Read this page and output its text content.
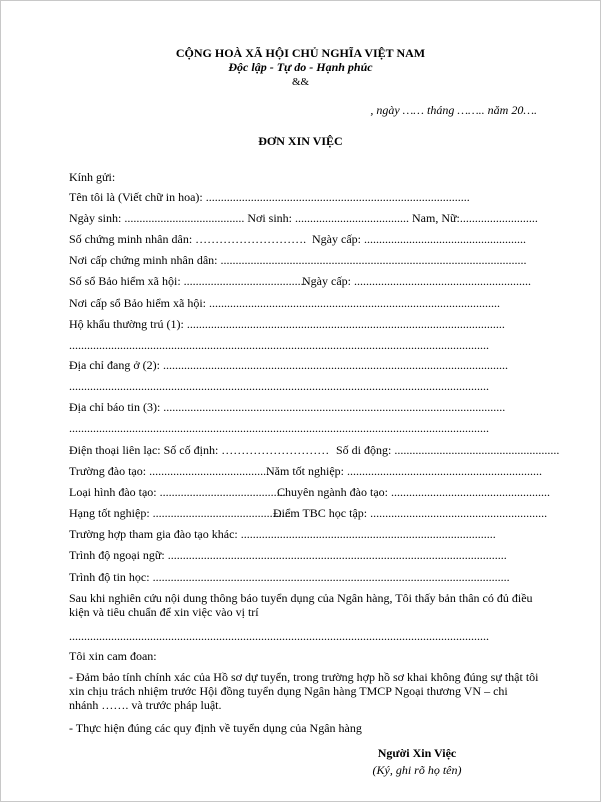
CỘNG HOÀ XÃ HỘI CHỦ NGHĨA VIỆT NAM
Độc lập - Tự do - Hạnh phúc
&&
, ngày …… tháng …….. năm 20….
ĐƠN XIN VIỆC
Kính gửi:
Tên tôi là (Viết chữ in hoa): ........................................................................................
Ngày sinh: ........................................ Nơi sinh: ...................................... Nam, Nữ:..........................
Số chứng minh nhân dân: ………………………. Ngày cấp: ......................................................
Nơi cấp chứng minh nhân dân: ......................................................................................................
Số sổ Bảo hiểm xã hội: .........................................
Ngày cấp: ...........................................................
Nơi cấp sổ Bảo hiểm xã hội: .................................................................................................
Hộ khẩu thường trú (1): ..........................................................................................................
............................................................................................................................................
Địa chỉ đang ở (2): ...................................................................................................................
............................................................................................................................................
Địa chỉ báo tin (3): ..................................................................................................................
............................................................................................................................................
Điện thoại liên lạc: Số cố định: ……………………… Số di động: .......................................................
Trường đào tạo: ........................................
Năm tốt nghiệp: .................................................................
Loại hình đào tạo: ..........................................
Chuyên ngành đào tạo: .....................................................
Hạng tốt nghiệp: ..............................................
Điểm TBC học tập: ...........................................................
Trường hợp tham gia đào tạo khác: .....................................................................................
Trình độ ngoại ngữ: .................................................................................................................
Trình độ tin học: .......................................................................................................................
Sau khi nghiên cứu nội dung thông báo tuyển dụng của Ngân hàng, Tôi thấy bản thân có đủ điều kiện và tiêu chuẩn để xin việc vào vị trí
............................................................................................................................................
Tôi xin cam đoan:
- Đảm bảo tính chính xác của Hồ sơ dự tuyển, trong trường hợp hồ sơ khai không đúng sự thật tôi xin chịu trách nhiệm trước Hội đồng tuyển dụng Ngân hàng TMCP Ngoại thương VN – chi nhánh ……. và trước pháp luật.
- Thực hiện đúng các quy định về tuyển dụng của Ngân hàng
Người Xin Việc
(Ký, ghi rõ họ tên)
